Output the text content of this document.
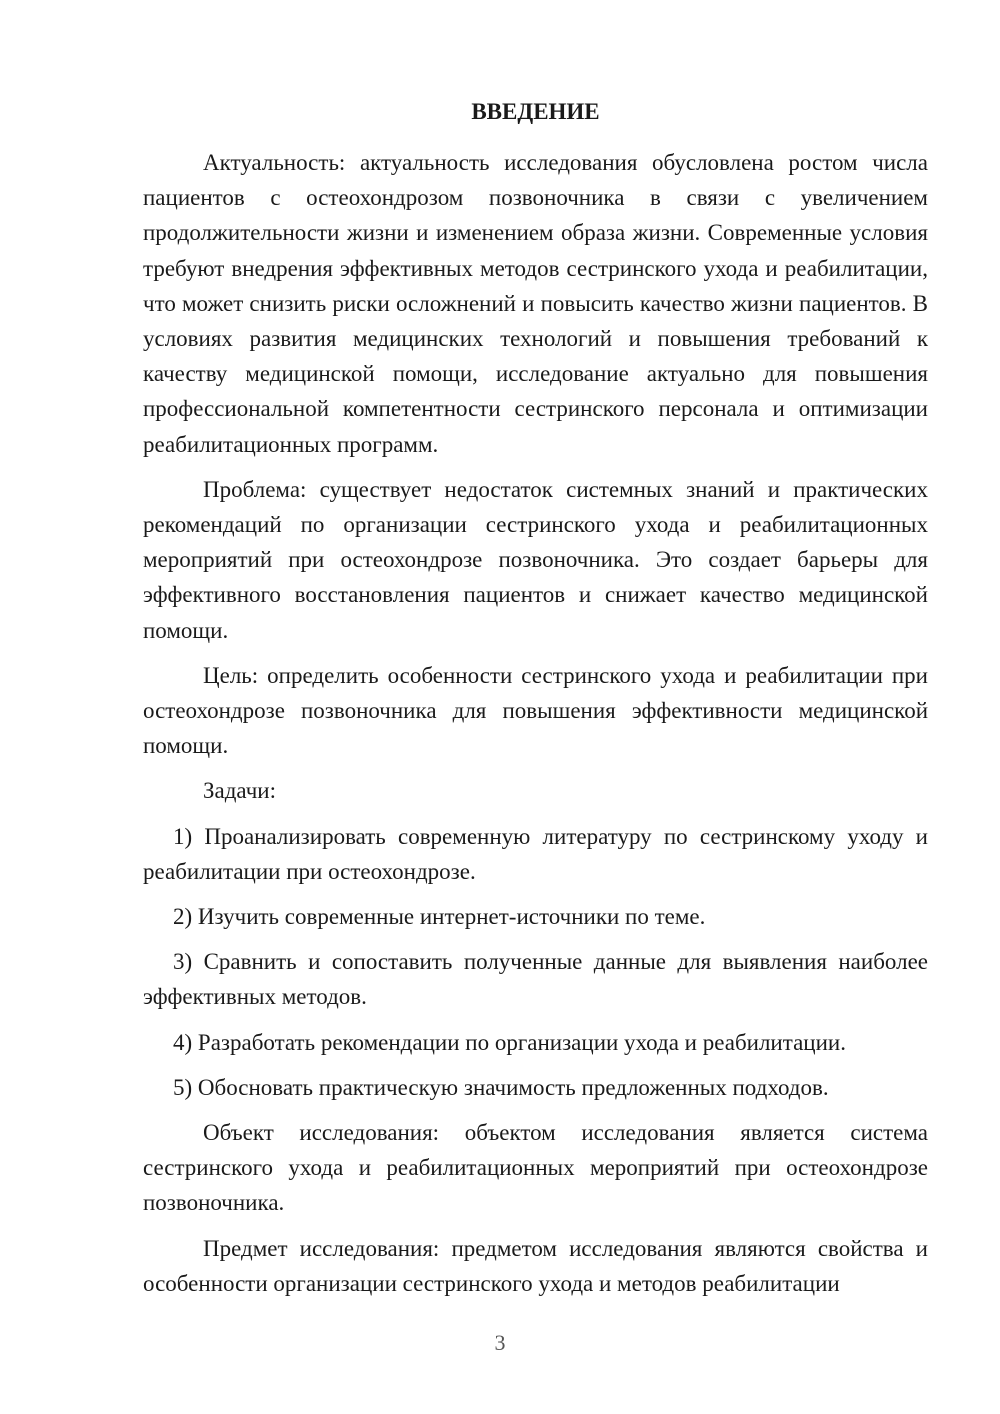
ВВЕДЕНИЕ

Актуальность: актуальность исследования обусловлена ростом числа пациентов с остеохондрозом позвоночника в связи с увеличением продолжительности жизни и изменением образа жизни. Современные условия требуют внедрения эффективных методов сестринского ухода и реабилитации, что может снизить риски осложнений и повысить качество жизни пациентов. В условиях развития медицинских технологий и повышения требований к качеству медицинской помощи, исследование актуально для повышения профессиональной компетентности сестринского персонала и оптимизации реабилитационных программ.

Проблема: существует недостаток системных знаний и практических рекомендаций по организации сестринского ухода и реабилитационных мероприятий при остеохондрозе позвоночника. Это создает барьеры для эффективного восстановления пациентов и снижает качество медицинской помощи.

Цель: определить особенности сестринского ухода и реабилитации при остеохондрозе позвоночника для повышения эффективности медицинской помощи.

Задачи:

1) Проанализировать современную литературу по сестринскому уходу и реабилитации при остеохондрозе.

2) Изучить современные интернет-источники по теме.

3) Сравнить и сопоставить полученные данные для выявления наиболее эффективных методов.

4) Разработать рекомендации по организации ухода и реабилитации.

5) Обосновать практическую значимость предложенных подходов.

Объект исследования: объектом исследования является система сестринского ухода и реабилитационных мероприятий при остеохондрозе позвоночника.

Предмет исследования: предметом исследования являются свойства и особенности организации сестринского ухода и методов реабилитации

3
